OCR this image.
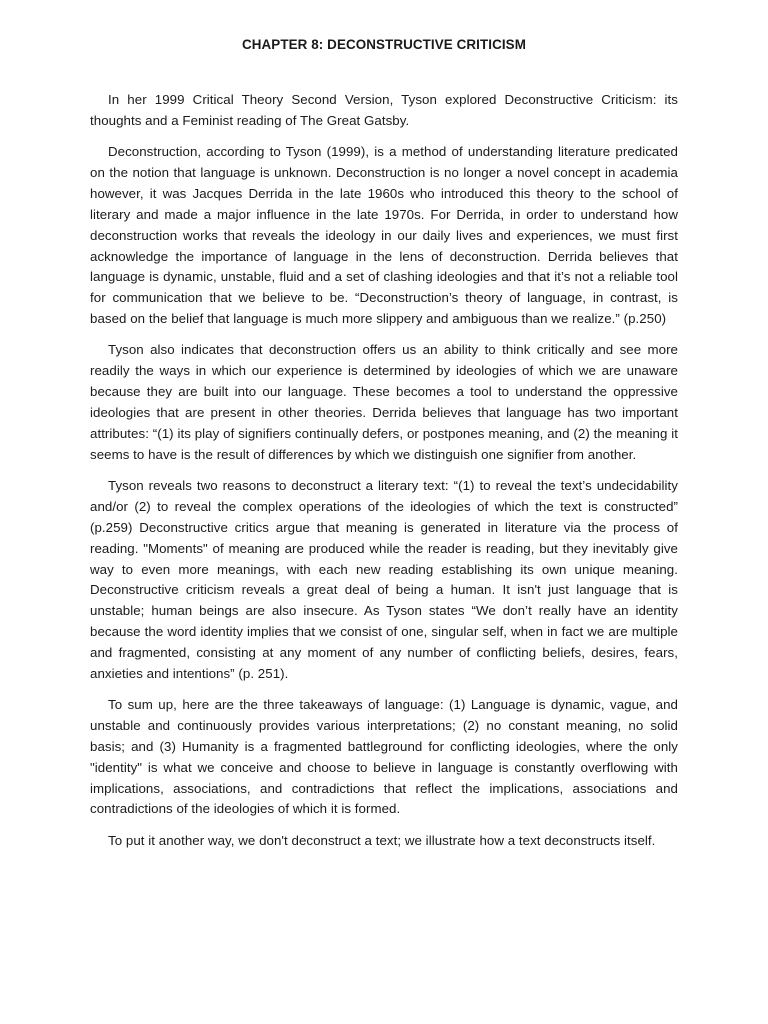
CHAPTER 8: DECONSTRUCTIVE CRITICISM

In her 1999 Critical Theory Second Version, Tyson explored Deconstructive Criticism: its thoughts and a Feminist reading of The Great Gatsby.

Deconstruction, according to Tyson (1999), is a method of understanding literature predicated on the notion that language is unknown. Deconstruction is no longer a novel concept in academia however, it was Jacques Derrida in the late 1960s who introduced this theory to the school of literary and made a major influence in the late 1970s. For Derrida, in order to understand how deconstruction works that reveals the ideology in our daily lives and experiences, we must first acknowledge the importance of language in the lens of deconstruction. Derrida believes that language is dynamic, unstable, fluid and a set of clashing ideologies and that it’s not a reliable tool for communication that we believe to be. “Deconstruction’s theory of language, in contrast, is based on the belief that language is much more slippery and ambiguous than we realize.” (p.250)

Tyson also indicates that deconstruction offers us an ability to think critically and see more readily the ways in which our experience is determined by ideologies of which we are unaware because they are built into our language. These becomes a tool to understand the oppressive ideologies that are present in other theories. Derrida believes that language has two important attributes: “(1) its play of signifiers continually defers, or postpones meaning, and (2) the meaning it seems to have is the result of differences by which we distinguish one signifier from another.

Tyson reveals two reasons to deconstruct a literary text: “(1) to reveal the text’s undecidability and/or (2) to reveal the complex operations of the ideologies of which the text is constructed” (p.259) Deconstructive critics argue that meaning is generated in literature via the process of reading. "Moments" of meaning are produced while the reader is reading, but they inevitably give way to even more meanings, with each new reading establishing its own unique meaning. Deconstructive criticism reveals a great deal of being a human. It isn't just language that is unstable; human beings are also insecure. As Tyson states “We don’t really have an identity because the word identity implies that we consist of one, singular self, when in fact we are multiple and fragmented, consisting at any moment of any number of conflicting beliefs, desires, fears, anxieties and intentions” (p. 251).

To sum up, here are the three takeaways of language: (1) Language is dynamic, vague, and unstable and continuously provides various interpretations; (2) no constant meaning, no solid basis; and (3) Humanity is a fragmented battleground for conflicting ideologies, where the only "identity" is what we conceive and choose to believe in language is constantly overflowing with implications, associations, and contradictions that reflect the implications, associations and contradictions of the ideologies of which it is formed.

To put it another way, we don't deconstruct a text; we illustrate how a text deconstructs itself.
